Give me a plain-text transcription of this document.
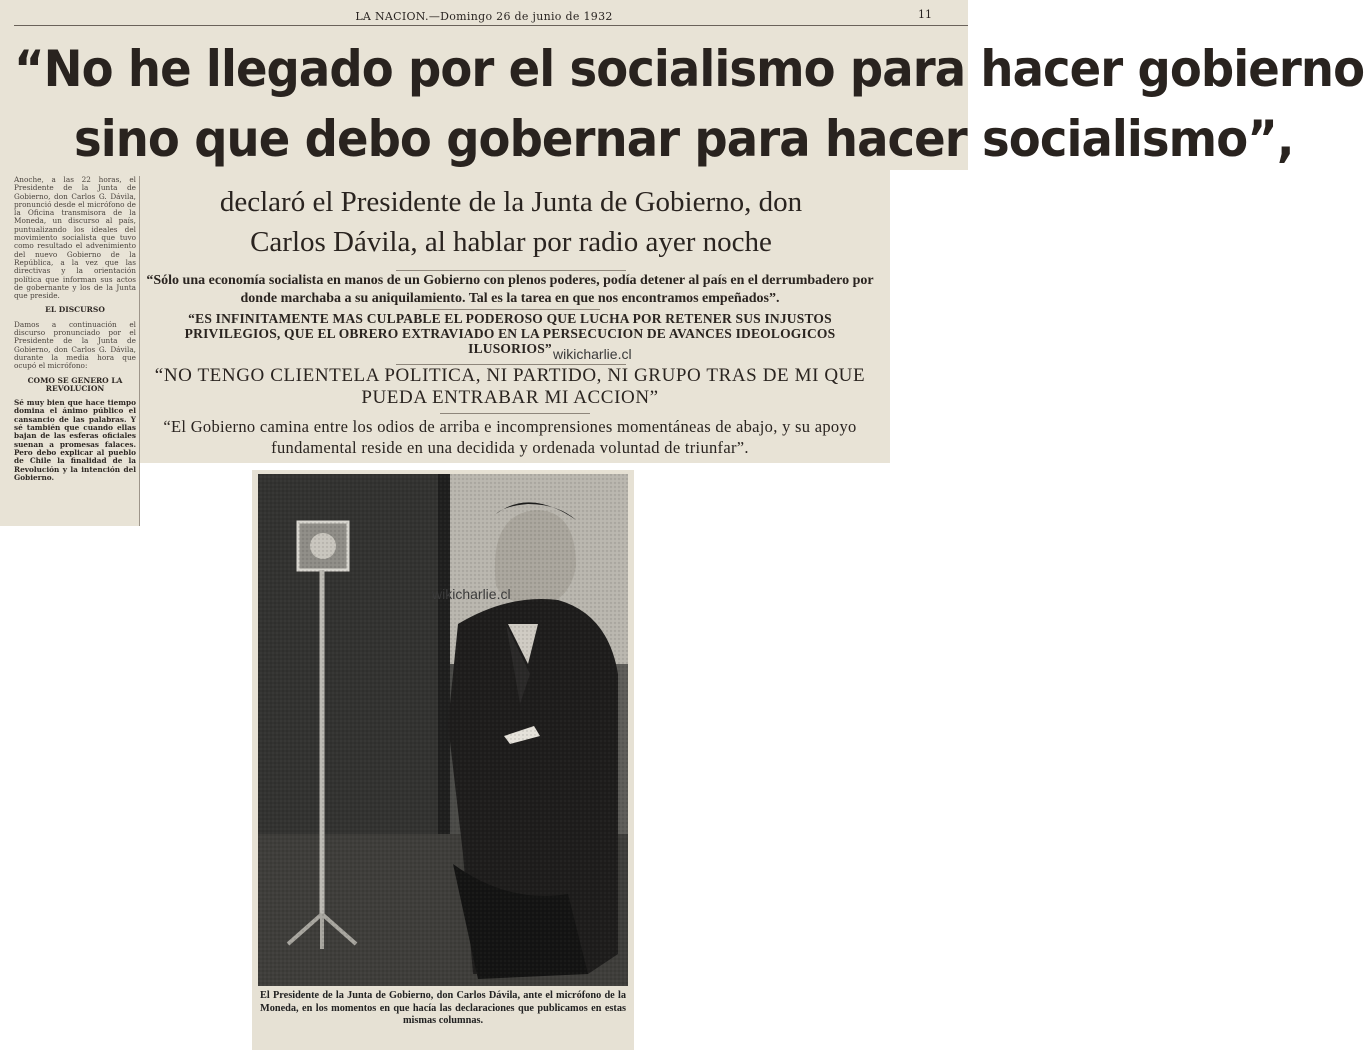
LA NACION.—Domingo 26 de junio de 1932	11
“No he llegado por el socialismo para hacer gobierno
sino que debo gobernar para hacer socialismo”,

Anoche, a las 22 horas, el Presidente de la Junta de Gobierno, don Carlos G. Dávila, pronunció desde el micrófono de la Oficina transmisora de la Moneda, un discurso al país, puntualizando los ideales del movimiento socialista que tuvo como resultado el advenimiento del nuevo Gobierno de la República, a la vez que las directivas y la orientación política que informan sus actos de gobernante y los de la Junta que preside.

EL DISCURSO

Damos a continuación el discurso pronunciado por el Presidente de la Junta de Gobierno, don Carlos G. Dávila, durante la media hora que ocupó el micrófono:

COMO SE GENERO LA REVOLUCION

Sé muy bien que hace tiempo domina el ánimo público el cansancio de las palabras. Y sé también que cuando ellas bajan de las esferas oficiales suenan a promesas falaces. Pero debo explicar al pueblo de Chile la finalidad de la Revolución y la intención del Gobierno.

declaró el Presidente de la Junta de Gobierno, don
Carlos Dávila, al hablar por radio ayer noche
“Sólo una economía socialista en manos de un Gobierno con plenos poderes, podía detener al país en el derrumbadero por donde marchaba a su aniquilamiento. Tal es la tarea en que nos encontramos empeñados”.
“ES INFINITAMENTE MAS CULPABLE EL PODEROSO QUE LUCHA POR RETENER SUS INJUSTOS PRIVILEGIOS, QUE EL OBRERO EXTRAVIADO EN LA PERSECUCION DE AVANCES IDEOLOGICOS ILUSORIOS”
“NO TENGO CLIENTELA POLITICA, NI PARTIDO, NI GRUPO TRAS DE MI QUE PUEDA ENTRABAR MI ACCION”
“El Gobierno camina entre los odios de arriba e incomprensiones momentáneas de abajo, y su apoyo fundamental reside en una decidida y ordenada voluntad de triunfar”.
wikicharlie.cl
wikicharlie.cl
El Presidente de la Junta de Gobierno, don Carlos Dávila, ante el micrófono de la Moneda, en los momentos en que hacía las declaraciones que publicamos en estas mismas columnas.
